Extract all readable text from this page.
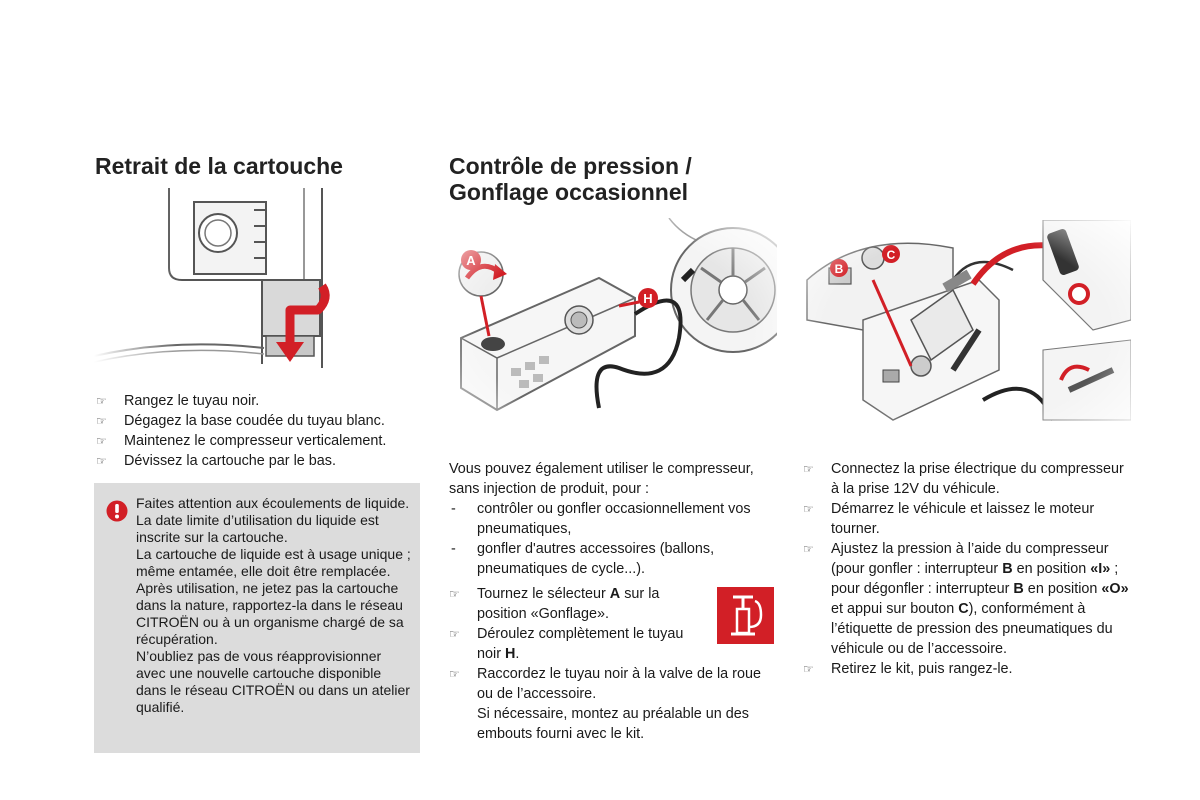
Retrait de la cartouche
☞ Rangez le tuyau noir.
☞ Dégagez la base coudée du tuyau blanc.
☞ Maintenez le compresseur verticalement.
☞ Dévissez la cartouche par le bas.

Faites attention aux écoulements de liquide.

La date limite d’utilisation du liquide est inscrite sur la cartouche.

La cartouche de liquide est à usage unique ; même entamée, elle doit être remplacée.

Après utilisation, ne jetez pas la cartouche dans la nature, rapportez-la dans le réseau CITROËN ou à un organisme chargé de sa récupération.

N’oubliez pas de vous réapprovisionner avec une nouvelle cartouche disponible dans le réseau CITROËN ou dans un atelier qualifié.

Contrôle de pression /
Gonflage occasionnel

Vous pouvez également utiliser le compresseur, sans injection de produit, pour :

- contrôler ou gonfler occasionnellement vos pneumatiques,
- gonfler d'autres accessoires (ballons, pneumatiques de cycle...).
☞ Tournez le sélecteur A sur la position «Gonflage».
☞ Déroulez complètement le tuyau noir H.
☞ Raccordez le tuyau noir à la valve de la roue ou de l’accessoire.
Si nécessaire, montez au préalable un des embouts fourni avec le kit.
☞ Connectez la prise électrique du compresseur à la prise 12V du véhicule.
☞ Démarrez le véhicule et laissez le moteur tourner.
☞ Ajustez la pression à l’aide du compresseur (pour gonfler : interrupteur B en position «I» ; pour dégonfler : interrupteur B en position «O» et appui sur bouton C), conformément à l’étiquette de pression des pneumatiques du véhicule ou de l’accessoire.
☞ Retirez le kit, puis rangez-le.
